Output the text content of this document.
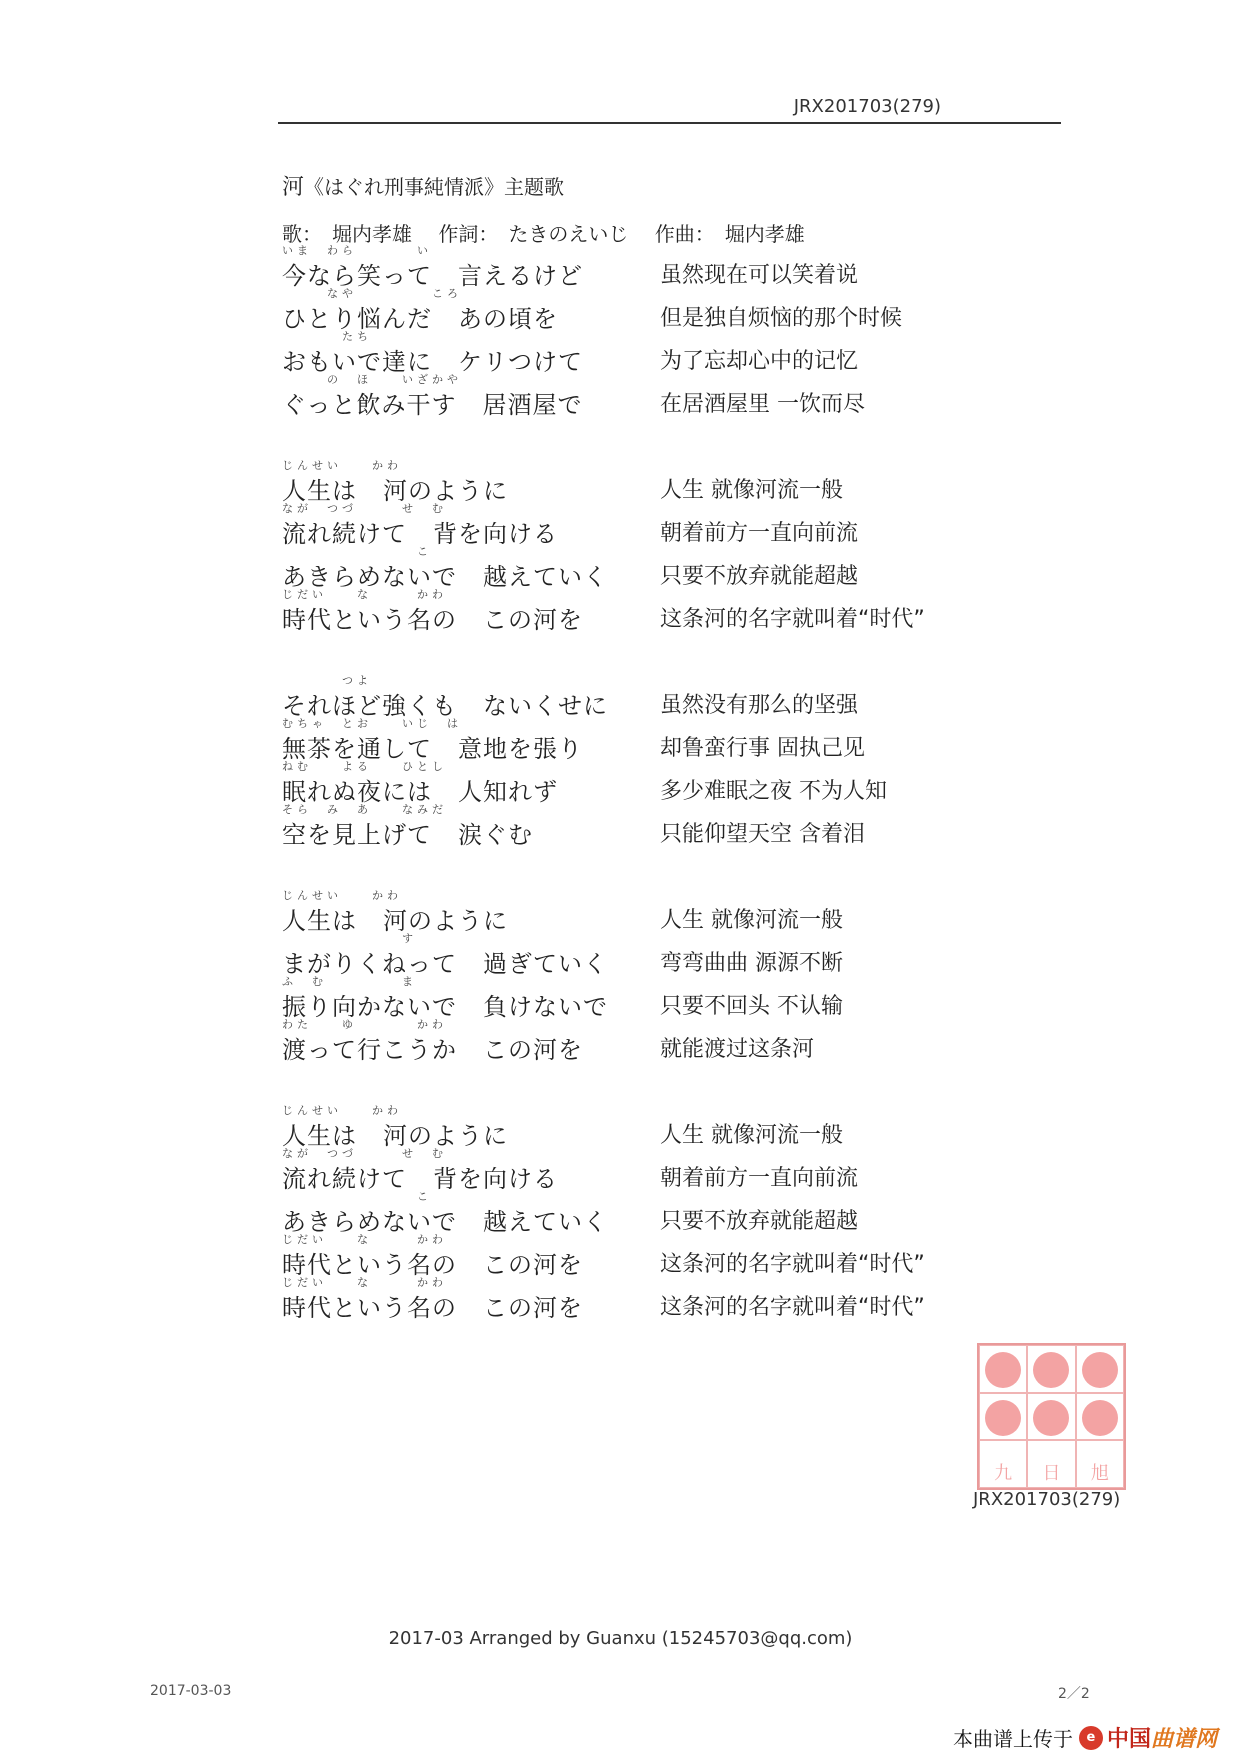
JRX201703(279)
河《はぐれ刑事純情派》主题歌
歌： 堀内孝雄 作詞： たきのえいじ 作曲： 堀内孝雄
いま　わら　　　　い
今なら笑って 言えるけど	虽然现在可以笑着说
　　　なや　　　　　ころ
ひとり悩んだ あの頃を	但是独自烦恼的那个时候
　　　　たち
おもいで達に ケリつけて	为了忘却心中的记忆
　　　の　ほ　　いざかや
ぐっと飲み干す 居酒屋で	在居酒屋里 一饮而尽
じんせい　　かわ
人生は 河のように	人生 就像河流一般
なが　つづ　　　せ　む
流れ続けて 背を向ける	朝着前方一直向前流
　　　　　　　　　こ
あきらめないで 越えていく 只要不放弃就能超越
じだい　　な　　　かわ
時代という名の この河を	这条河的名字就叫着“时代”
　　　　つよ
それほど強くも ないくせに 虽然没有那么的坚强
むちゃ　とお　　いじ　は
無茶を通して 意地を張り	却鲁蛮行事 固执己见
ねむ　　よる　　ひとし
眠れぬ夜には 人知れず	多少难眠之夜 不为人知
そら　み　あ　　なみだ
空を見上げて 涙ぐむ	只能仰望天空 含着泪
じんせい　　かわ
人生は 河のように	人生 就像河流一般
　　　　　　　　す
まがりくねって 過ぎていく 弯弯曲曲 源源不断
ふ　む　　　　　ま
振り向かないで 負けないで 只要不回头 不认输
わた　　ゆ　　　　かわ
渡って行こうか この河を	就能渡过这条河
じんせい　　かわ
人生は 河のように	人生 就像河流一般
なが　つづ　　　せ　む
流れ続けて 背を向ける	朝着前方一直向前流
　　　　　　　　　こ
あきらめないで 越えていく 只要不放弃就能超越
じだい　　な　　　かわ
時代という名の この河を	这条河的名字就叫着“时代”
じだい　　な　　　かわ
時代という名の この河を	这条河的名字就叫着“时代”
九	日	旭
JRX201703(279)
2017-03 Arranged by Guanxu (15245703@qq.com)
2017-03-03	2／2
本曲谱上传于	e 中国 曲谱网
